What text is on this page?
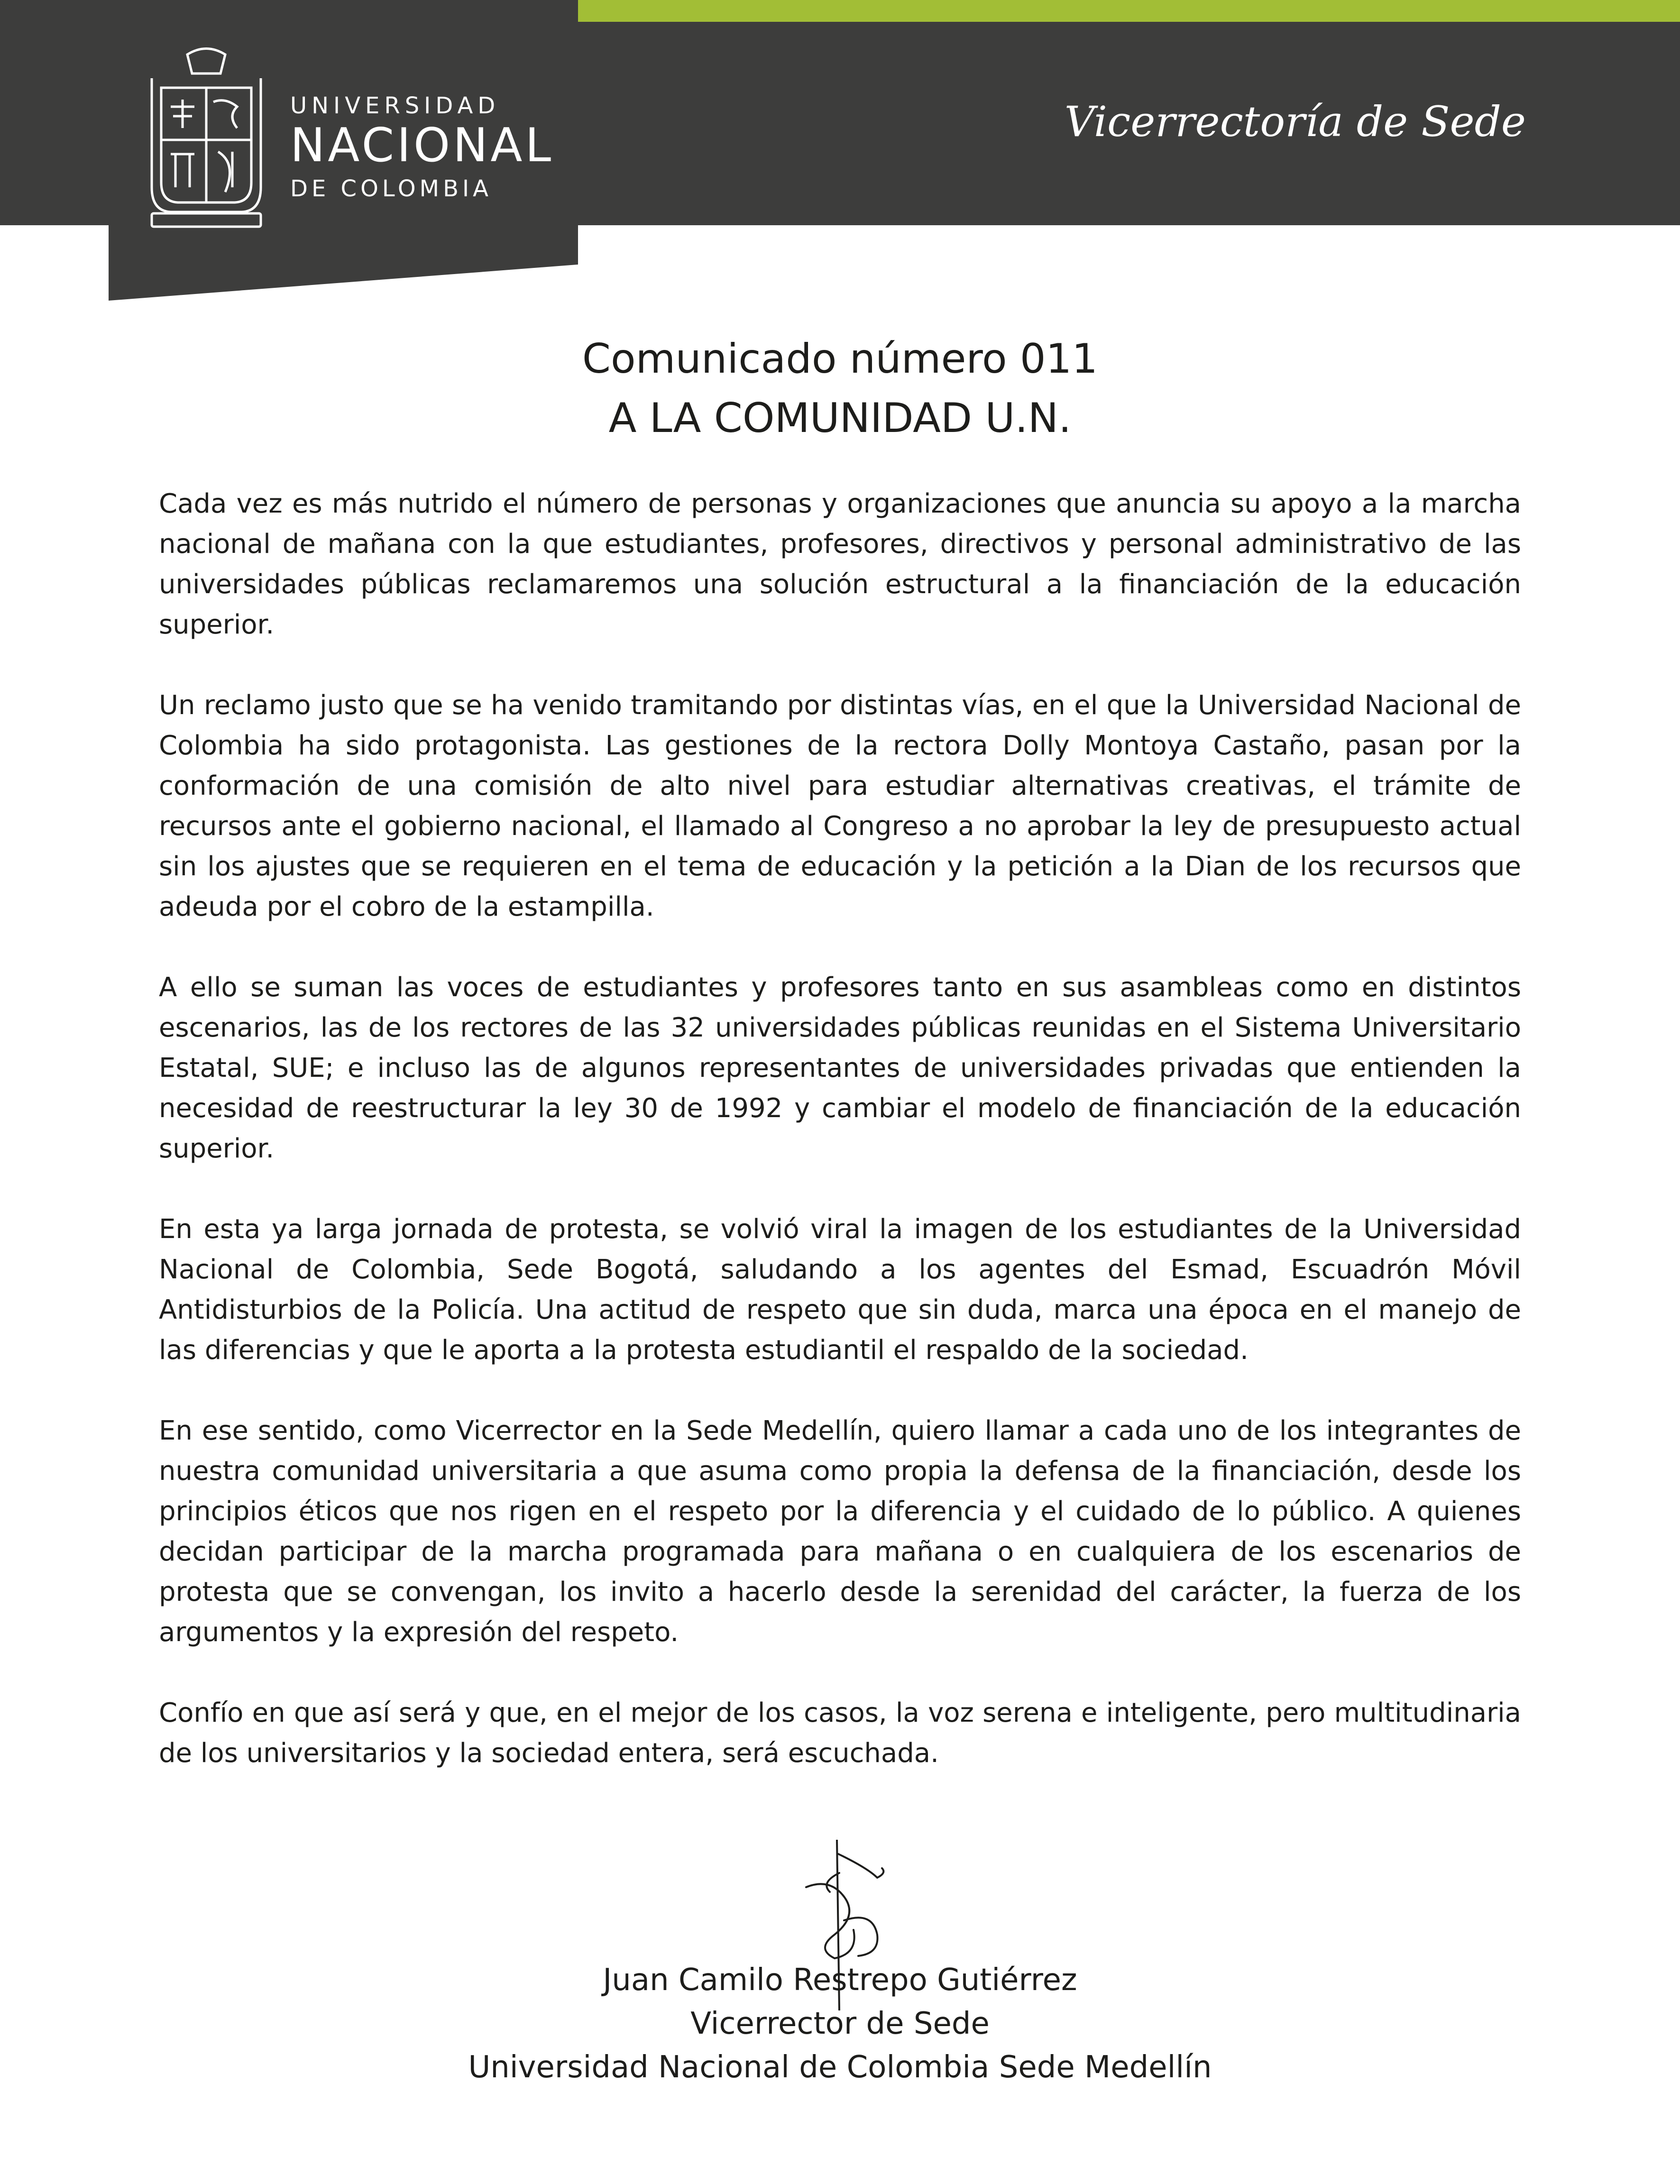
UNIVERSIDAD
NACIONAL
DE COLOMBIA
Vicerrectoría de Sede
Comunicado número 011
A LA COMUNIDAD U.N.

Cada vez es más nutrido el número de personas y organizaciones que anuncia su apoyo a la marcha nacional de mañana con la que estudiantes, profesores, directivos y personal administrativo de las universidades públicas reclamaremos una solución estructural a la financiación de la educación superior.

Un reclamo justo que se ha venido tramitando por distintas vías, en el que la Universidad Nacional de Colombia ha sido protagonista. Las gestiones de la rectora Dolly Montoya Castaño, pasan por la conformación de una comisión de alto nivel para estudiar alternativas creativas, el trámite de recursos ante el gobierno nacional, el llamado al Congreso a no aprobar la ley de presupuesto actual sin los ajustes que se requieren en el tema de educación y la petición a la Dian de los recursos que adeuda por el cobro de la estampilla.

A ello se suman las voces de estudiantes y profesores tanto en sus asambleas como en distintos escenarios, las de los rectores de las 32 universidades públicas reunidas en el Sistema Universitario Estatal, SUE; e incluso las de algunos representantes de universidades privadas que entienden la necesidad de reestructurar la ley 30 de 1992 y cambiar el modelo de financiación de la educación superior.

En esta ya larga jornada de protesta, se volvió viral la imagen de los estudiantes de la Universidad Nacional de Colombia, Sede Bogotá, saludando a los agentes del Esmad, Escuadrón Móvil Antidisturbios de la Policía. Una actitud de respeto que sin duda, marca una época en el manejo de las diferencias y que le aporta a la protesta estudiantil el respaldo de la sociedad.

En ese sentido, como Vicerrector en la Sede Medellín, quiero llamar a cada uno de los integrantes de nuestra comunidad universitaria a que asuma como propia la defensa de la financiación, desde los principios éticos que nos rigen en el respeto por la diferencia y el cuidado de lo público. A quienes decidan participar de la marcha programada para mañana o en cualquiera de los escenarios de protesta que se convengan, los invito a hacerlo desde la serenidad del carácter, la fuerza de los argumentos y la expresión del respeto.

Confío en que así será y que, en el mejor de los casos, la voz serena e inteligente, pero multitudinaria de los universitarios y la sociedad entera, será escuchada.

Juan Camilo Restrepo Gutiérrez
Vicerrector de Sede
Universidad Nacional de Colombia Sede Medellín
